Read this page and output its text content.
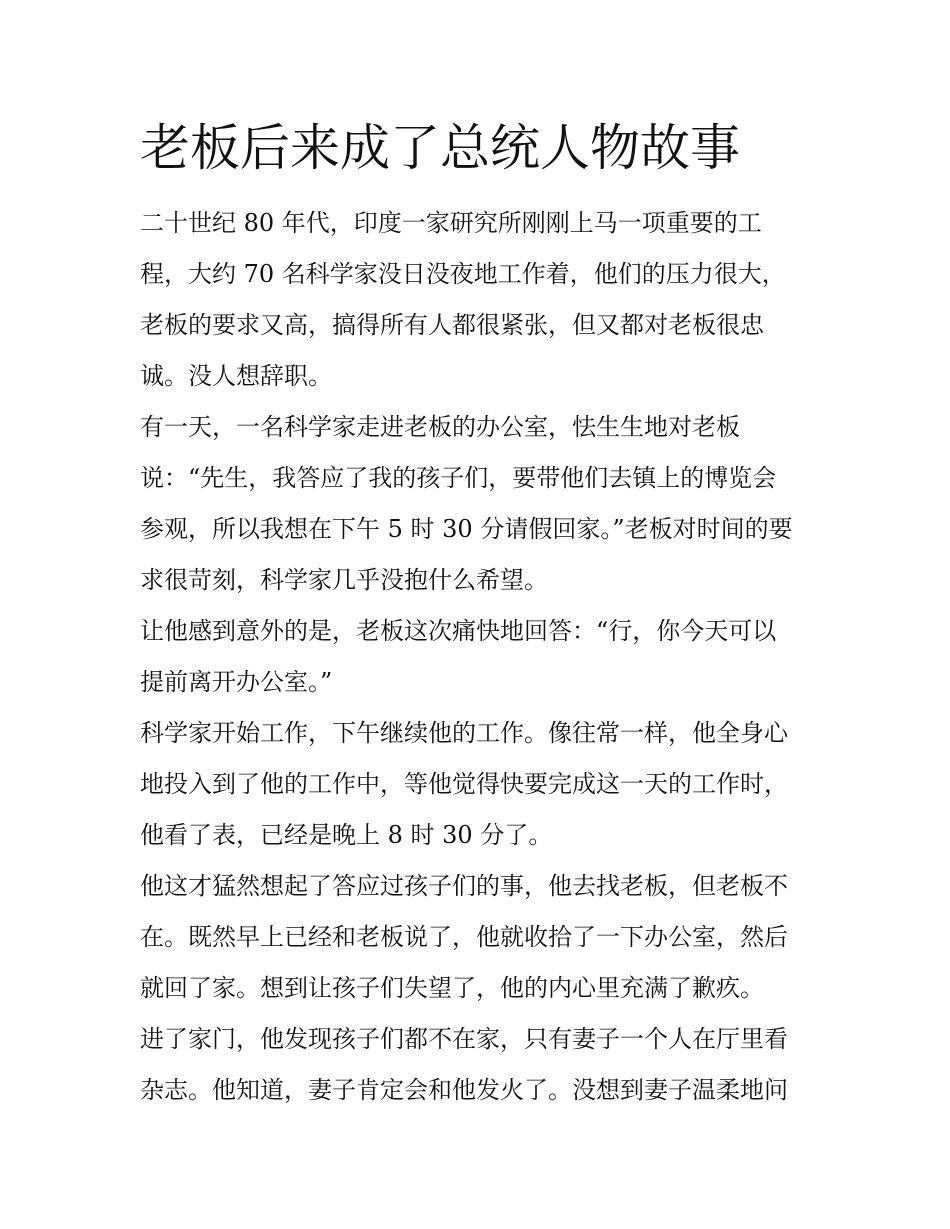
老板后来成了总统人物故事
二十世纪 80 年代，印度一家研究所刚刚上马一项重要的工
程，大约 70 名科学家没日没夜地工作着，他们的压力很大，
老板的要求又高，搞得所有人都很紧张，但又都对老板很忠
诚。没人想辞职。
有一天，一名科学家走进老板的办公室，怯生生地对老板
说：“先生，我答应了我的孩子们，要带他们去镇上的博览会
参观，所以我想在下午 5 时 30 分请假回家。”老板对时间的要
求很苛刻，科学家几乎没抱什么希望。
让他感到意外的是，老板这次痛快地回答：“行，你今天可以
提前离开办公室。”
科学家开始工作，下午继续他的工作。像往常一样，他全身心
地投入到了他的工作中，等他觉得快要完成这一天的工作时，
他看了表，已经是晚上 8 时 30 分了。
他这才猛然想起了答应过孩子们的事，他去找老板，但老板不
在。既然早上已经和老板说了，他就收拾了一下办公室，然后
就回了家。想到让孩子们失望了，他的内心里充满了歉疚。
进了家门，他发现孩子们都不在家，只有妻子一个人在厅里看
杂志。他知道，妻子肯定会和他发火了。没想到妻子温柔地问
